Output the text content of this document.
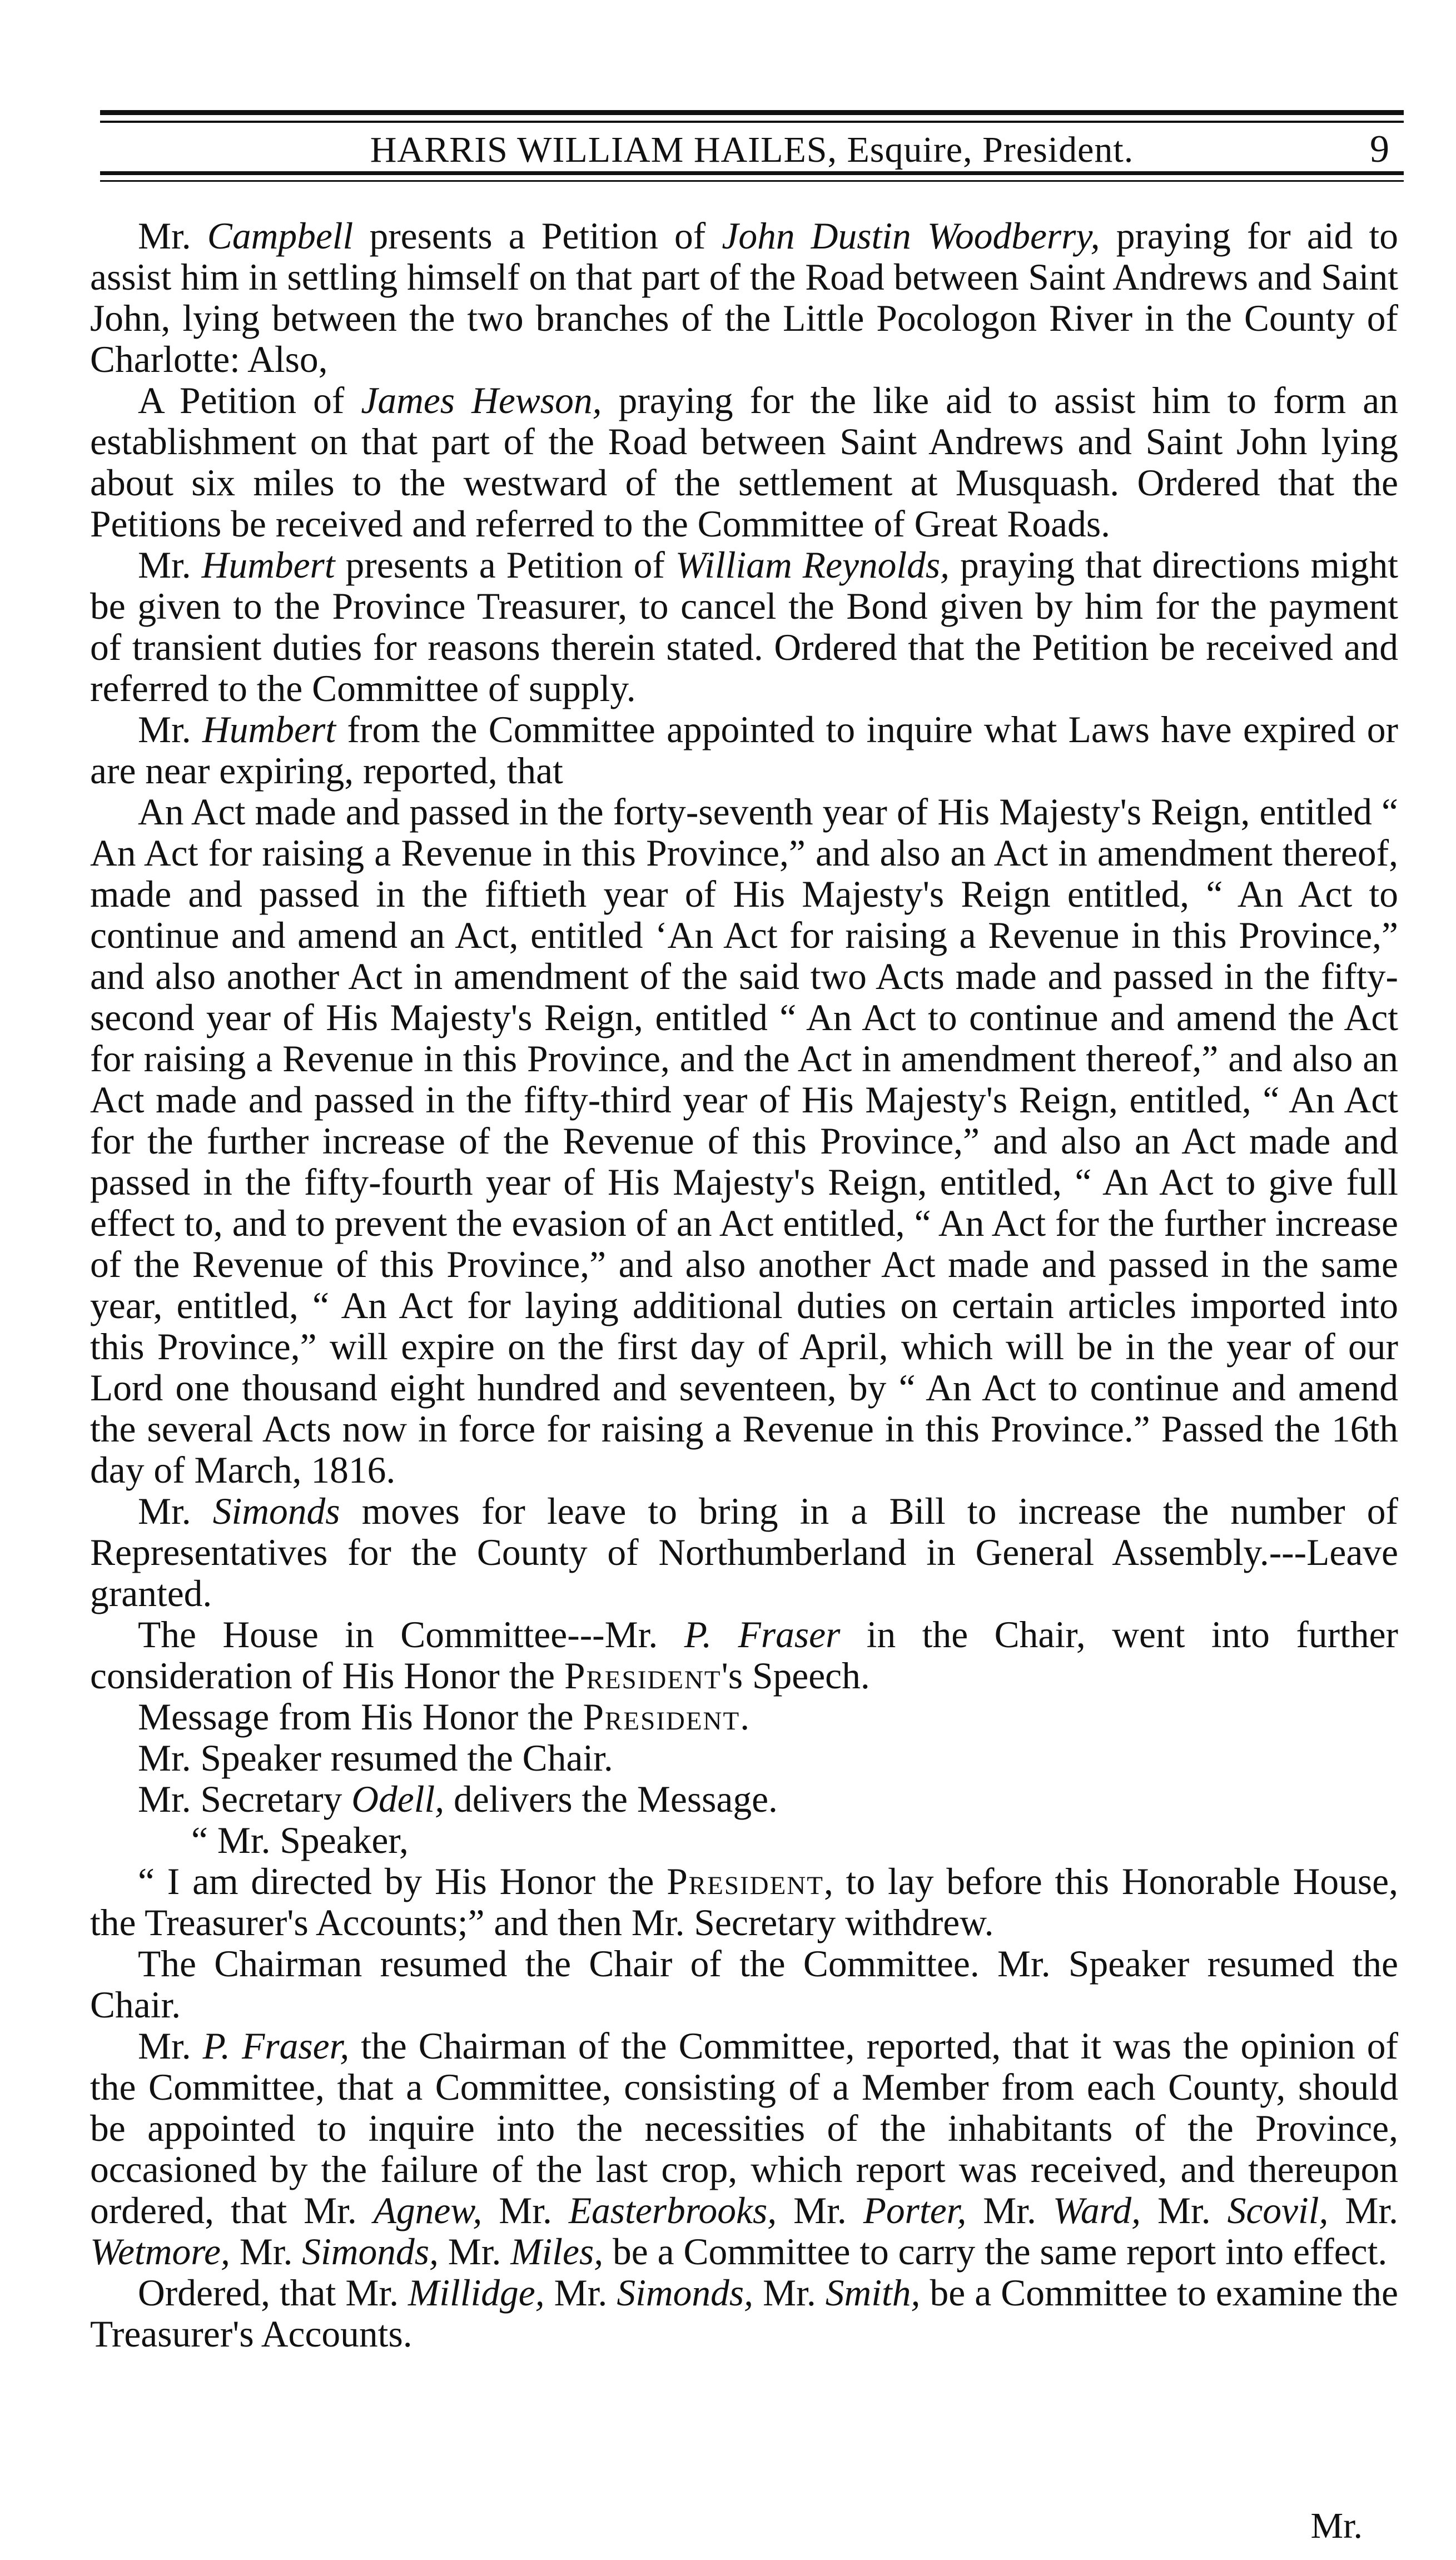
HARRIS WILLIAM HAILES, Esquire, President.	9

Mr. Campbell presents a Petition of John Dustin Woodberry, praying for aid to assist him in settling himself on that part of the Road between Saint Andrews and Saint John, lying between the two branches of the Little Pocologon River in the County of Charlotte: Also,

A Petition of James Hewson, praying for the like aid to assist him to form an establishment on that part of the Road between Saint Andrews and Saint John lying about six miles to the westward of the settlement at Musquash. Ordered that the Petitions be received and referred to the Committee of Great Roads.

Mr. Humbert presents a Petition of William Reynolds, praying that directions might be given to the Province Treasurer, to cancel the Bond given by him for the payment of transient duties for reasons therein stated. Ordered that the Petition be received and referred to the Committee of supply.

Mr. Humbert from the Committee appointed to inquire what Laws have expired or are near expiring, reported, that

An Act made and passed in the forty-seventh year of His Majesty's Reign, entitled “ An Act for raising a Revenue in this Province,” and also an Act in amendment thereof, made and passed in the fiftieth year of His Majesty's Reign entitled, “ An Act to continue and amend an Act, entitled ‘An Act for raising a Revenue in this Province,” and also another Act in amendment of the said two Acts made and passed in the fifty-second year of His Majesty's Reign, entitled “ An Act to continue and amend the Act for raising a Revenue in this Province, and the Act in amendment thereof,” and also an Act made and passed in the fifty-third year of His Majesty's Reign, entitled, “ An Act for the further increase of the Revenue of this Province,” and also an Act made and passed in the fifty-fourth year of His Majesty's Reign, entitled, “ An Act to give full effect to, and to prevent the evasion of an Act entitled, “ An Act for the further increase of the Revenue of this Province,” and also another Act made and passed in the same year, entitled, “ An Act for laying additional duties on certain articles imported into this Province,” will expire on the first day of April, which will be in the year of our Lord one thousand eight hundred and seventeen, by “ An Act to continue and amend the several Acts now in force for raising a Revenue in this Province.” Passed the 16th day of March, 1816.

Mr. Simonds moves for leave to bring in a Bill to increase the number of Representatives for the County of Northumberland in General Assembly.---Leave granted.

The House in Committee---Mr. P. Fraser in the Chair, went into further consideration of His Honor the President's Speech.

Message from His Honor the President.

Mr. Speaker resumed the Chair.

Mr. Secretary Odell, delivers the Message.

“ Mr. Speaker,

“ I am directed by His Honor the President, to lay before this Honorable House, the Treasurer's Accounts;” and then Mr. Secretary withdrew.

The Chairman resumed the Chair of the Committee. Mr. Speaker resumed the Chair.

Mr. P. Fraser, the Chairman of the Committee, reported, that it was the opinion of the Committee, that a Committee, consisting of a Member from each County, should be appointed to inquire into the necessities of the inhabitants of the Province, occasioned by the failure of the last crop, which report was received, and thereupon ordered, that Mr. Agnew, Mr. Easterbrooks, Mr. Porter, Mr. Ward, Mr. Scovil, Mr. Wetmore, Mr. Simonds, Mr. Miles, be a Committee to carry the same report into effect.

Ordered, that Mr. Millidge, Mr. Simonds, Mr. Smith, be a Committee to examine the Treasurer's Accounts.

Mr.
